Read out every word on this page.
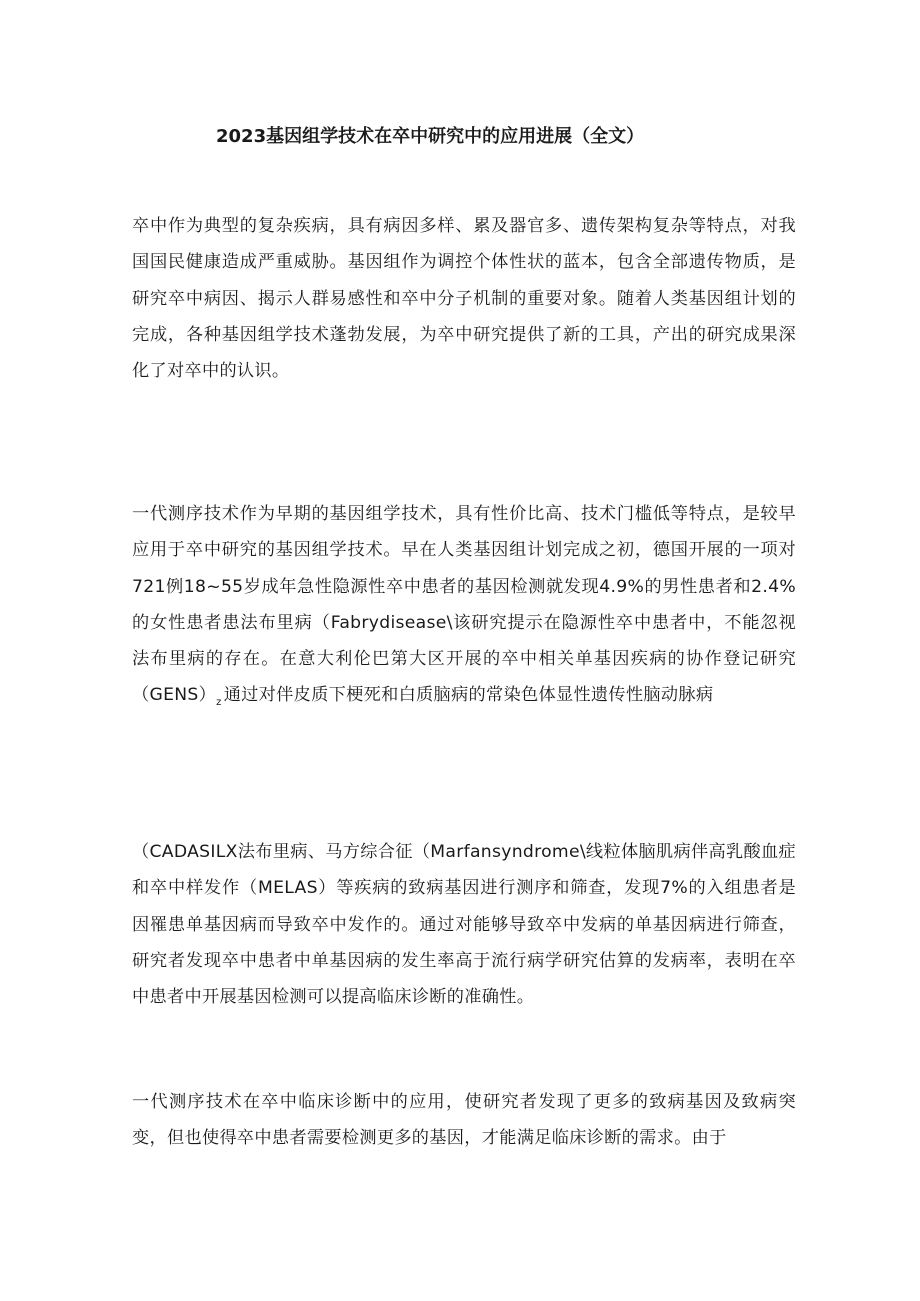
2023基因组学技术在卒中研究中的应用进展（全文）

卒中作为典型的复杂疾病，具有病因多样、累及器官多、遗传架构复杂等特点，对我国国民健康造成严重威胁。基因组作为调控个体性状的蓝本，包含全部遗传物质，是研究卒中病因、揭示人群易感性和卒中分子机制的重要对象。随着人类基因组计划的完成，各种基因组学技术蓬勃发展，为卒中研究提供了新的工具，产出的研究成果深化了对卒中的认识。

一代测序技术作为早期的基因组学技术，具有性价比高、技术门槛低等特点，是较早应用于卒中研究的基因组学技术。早在人类基因组计划完成之初，德国开展的一项对721例18~55岁成年急性隐源性卒中患者的基因检测就发现4.9%的男性患者和2.4%的女性患者患法布里病（Fabrydisease\该研究提示在隐源性卒中患者中，不能忽视法布里病的存在。在意大利伦巴第大区开展的卒中相关单基因疾病的协作登记研究$(GENS)_z$ 通过对伴皮质下梗死和白质脑病的常染色体显性遗传性脑动脉病

（CADASILX法布里病、马方综合征（Marfansyndrome\线粒体脑肌病伴高乳酸血症和卒中样发作（MELAS）等疾病的致病基因进行测序和筛查，发现7%的入组患者是因罹患单基因病而导致卒中发作的。通过对能够导致卒中发病的单基因病进行筛查，研究者发现卒中患者中单基因病的发生率高于流行病学研究估算的发病率，表明在卒中患者中开展基因检测可以提高临床诊断的准确性。

一代测序技术在卒中临床诊断中的应用，使研究者发现了更多的致病基因及致病突变，但也使得卒中患者需要检测更多的基因，才能满足临床诊断的需求。由于
